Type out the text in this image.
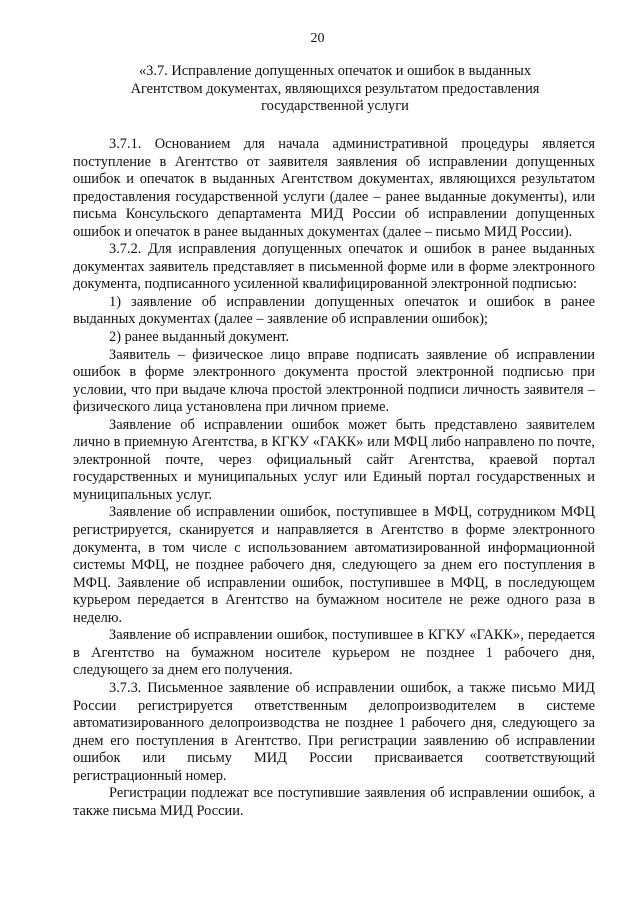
20
«3.7. Исправление допущенных опечаток и ошибок в выданных Агентством документах, являющихся результатом предоставления государственной услуги

3.7.1. Основанием для начала административной процедуры является поступление в Агентство от заявителя заявления об исправлении допущенных ошибок и опечаток в выданных Агентством документах, являющихся результатом предоставления государственной услуги (далее – ранее выданные документы), или письма Консульского департамента МИД России об исправлении допущенных ошибок и опечаток в ранее выданных документах (далее – письмо МИД России).

3.7.2. Для исправления допущенных опечаток и ошибок в ранее выданных документах заявитель представляет в письменной форме или в форме электронного документа, подписанного усиленной квалифицированной электронной подписью:

1) заявление об исправлении допущенных опечаток и ошибок в ранее выданных документах (далее – заявление об исправлении ошибок);

2) ранее выданный документ.

Заявитель – физическое лицо вправе подписать заявление об исправлении ошибок в форме электронного документа простой электронной подписью при условии, что при выдаче ключа простой электронной подписи личность заявителя – физического лица установлена при личном приеме.

Заявление об исправлении ошибок может быть представлено заявителем лично в приемную Агентства, в КГКУ «ГАКК» или МФЦ либо направлено по почте, электронной почте, через официальный сайт Агентства, краевой портал государственных и муниципальных услуг или Единый портал государственных и муниципальных услуг.

Заявление об исправлении ошибок, поступившее в МФЦ, сотрудником МФЦ регистрируется, сканируется и направляется в Агентство в форме электронного документа, в том числе с использованием автоматизированной информационной системы МФЦ, не позднее рабочего дня, следующего за днем его поступления в МФЦ. Заявление об исправлении ошибок, поступившее в МФЦ, в последующем курьером передается в Агентство на бумажном носителе не реже одного раза в неделю.

Заявление об исправлении ошибок, поступившее в КГКУ «ГАКК», передается в Агентство на бумажном носителе курьером не позднее 1 рабочего дня, следующего за днем его получения.

3.7.3. Письменное заявление об исправлении ошибок, а также письмо МИД России регистрируется ответственным делопроизводителем в системе автоматизированного делопроизводства не позднее 1 рабочего дня, следующего за днем его поступления в Агентство. При регистрации заявлению об исправлении ошибок или письму МИД России присваивается соответствующий регистрационный номер.

Регистрации подлежат все поступившие заявления об исправлении ошибок, а также письма МИД России.
